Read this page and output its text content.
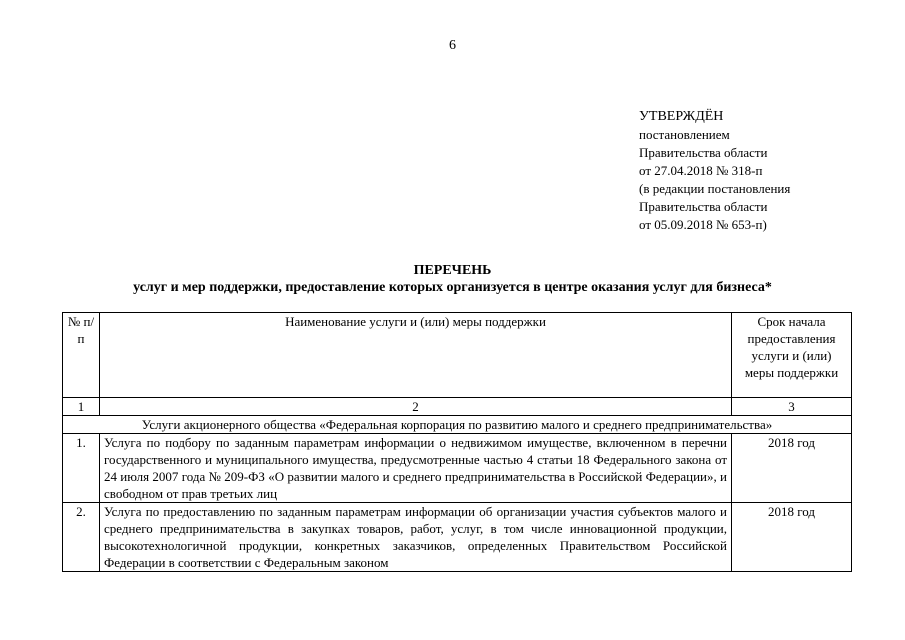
6
УТВЕРЖДЁН
постановлением
Правительства области
от 27.04.2018 № 318-п
(в редакции постановления
Правительства области
от 05.09.2018 № 653-п)
ПЕРЕЧЕНЬ
услуг и мер поддержки, предоставление которых организуется в центре оказания услуг для бизнеса*
№ п/п	Наименование услуги и (или) меры поддержки	Срок начала предоставления услуги и (или) меры поддержки
1	2	3
Услуги акционерного общества «Федеральная корпорация по развитию малого и среднего предпринимательства»		
1.	Услуга по подбору по заданным параметрам информации о недвижимом имуществе, включенном в перечни государственного и муниципального имущества, предусмотренные частью 4 статьи 18 Федерального закона от 24 июля 2007 года № 209-ФЗ «О развитии малого и среднего предпринимательства в Российской Федерации», и свободном от прав третьих лиц	2018 год
2.	Услуга по предоставлению по заданным параметрам информации об организации участия субъектов малого и среднего предпринимательства в закупках товаров, работ, услуг, в том числе инновационной продукции, высокотехнологичной продукции, конкретных заказчиков, определенных Правительством Российской Федерации в соответствии с Федеральным законом	2018 год
